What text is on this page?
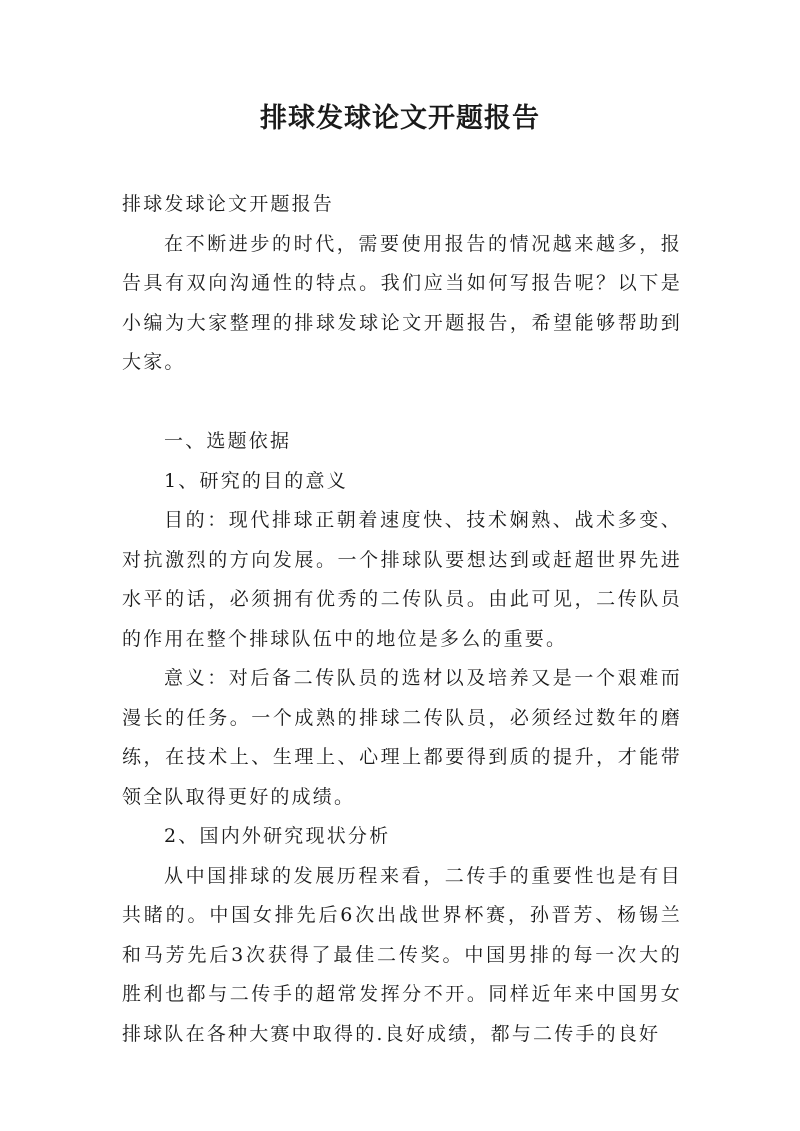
排球发球论文开题报告

排球发球论文开题报告

在不断进步的时代，需要使用报告的情况越来越多，报告具有双向沟通性的特点。我们应当如何写报告呢？以下是小编为大家整理的排球发球论文开题报告，希望能够帮助到大家。

一、选题依据

1、研究的目的意义

目的：现代排球正朝着速度快、技术娴熟、战术多变、对抗激烈的方向发展。一个排球队要想达到或赶超世界先进水平的话，必须拥有优秀的二传队员。由此可见，二传队员的作用在整个排球队伍中的地位是多么的重要。

意义：对后备二传队员的选材以及培养又是一个艰难而漫长的任务。一个成熟的排球二传队员，必须经过数年的磨练，在技术上、生理上、心理上都要得到质的提升，才能带领全队取得更好的成绩。

2、国内外研究现状分析

从中国排球的发展历程来看，二传手的重要性也是有目共睹的。中国女排先后6次出战世界杯赛，孙晋芳、杨锡兰和马芳先后3次获得了最佳二传奖。中国男排的每一次大的胜利也都与二传手的超常发挥分不开。同样近年来中国男女排球队在各种大赛中取得的.良好成绩，都与二传手的良好
